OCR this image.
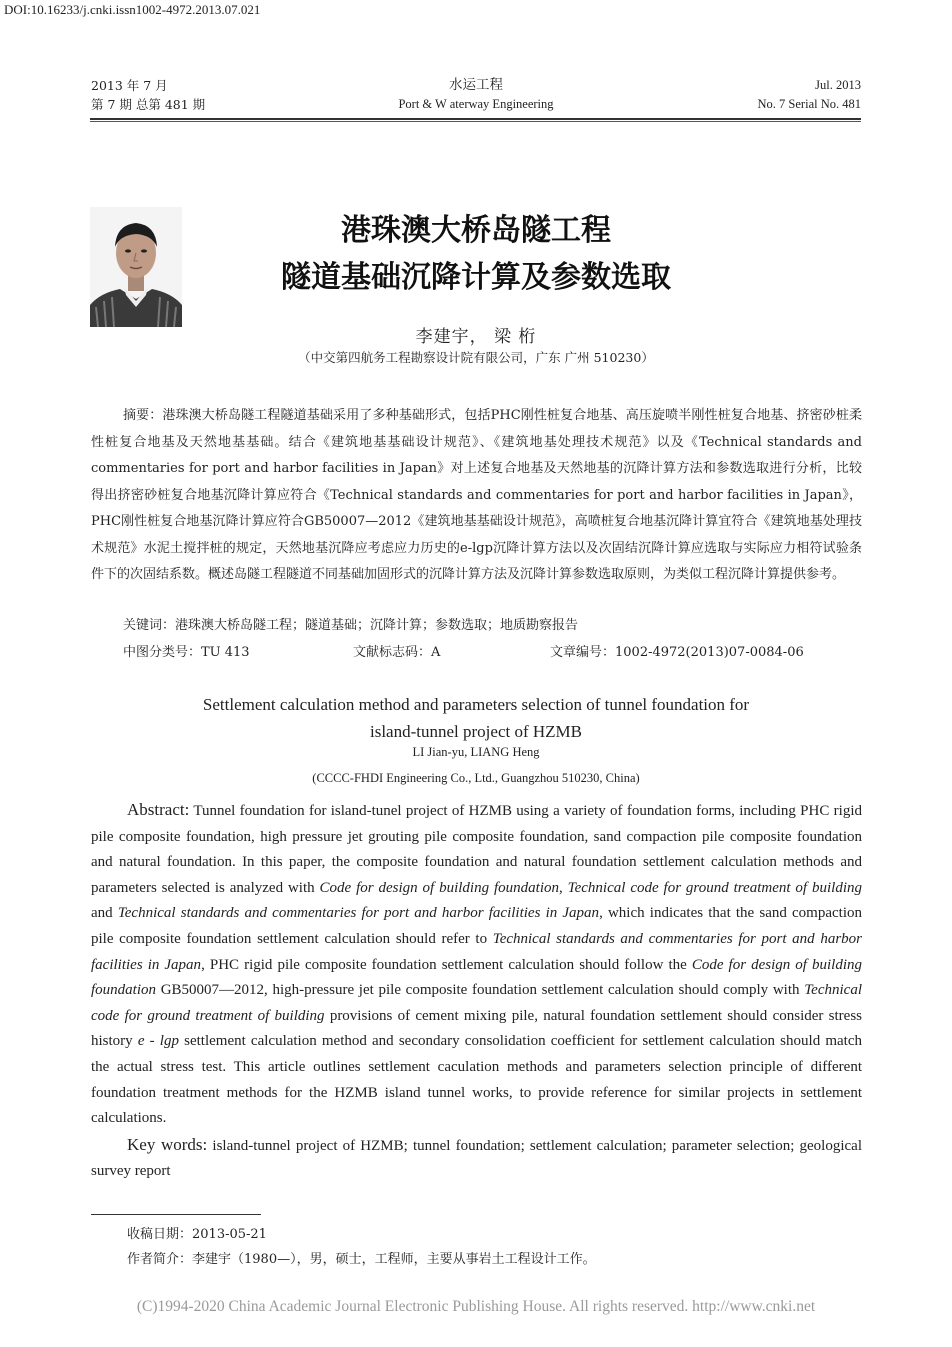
DOI:10.16233/j.cnki.issn1002-4972.2013.07.021
2013 年 7 月
第 7 期 总第 481 期
水运工程
Port & W aterway Engineering
Jul. 2013
No. 7 Serial No. 481
港珠澳大桥岛隧工程
隧道基础沉降计算及参数选取
李建宇， 梁 桁
（中交第四航务工程勘察设计院有限公司，广东 广州 510230）

摘要：港珠澳大桥岛隧工程隧道基础采用了多种基础形式，包括PHC刚性桩复合地基、高压旋喷半刚性桩复合地基、挤密砂桩柔性桩复合地基及天然地基基础。结合《建筑地基基础设计规范》、《建筑地基处理技术规范》以及《Technical standards and commentaries for port and harbor facilities in Japan》对上述复合地基及天然地基的沉降计算方法和参数选取进行分析，比较得出挤密砂桩复合地基沉降计算应符合《Technical standards and commentaries for port and harbor facilities in Japan》，PHC刚性桩复合地基沉降计算应符合GB50007—2012《建筑地基基础设计规范》，高喷桩复合地基沉降计算宜符合《建筑地基处理技术规范》水泥土搅拌桩的规定，天然地基沉降应考虑应力历史的e-lgp沉降计算方法以及次固结沉降计算应选取与实际应力相符试验条件下的次固结系数。概述岛隧工程隧道不同基础加固形式的沉降计算方法及沉降计算参数选取原则，为类似工程沉降计算提供参考。

关键词：港珠澳大桥岛隧工程；隧道基础；沉降计算；参数选取；地质勘察报告
中图分类号：TU 413	文献标志码：A	文章编号：1002-4972(2013)07-0084-06
Settlement calculation method and parameters selection of tunnel foundation for
island-tunnel project of HZMB
LI Jian-yu, LIANG Heng
(CCCC-FHDI Engineering Co., Ltd., Guangzhou 510230, China)

Abstract: Tunnel foundation for island-tunel project of HZMB using a variety of foundation forms, including PHC rigid pile composite foundation, high pressure jet grouting pile composite foundation, sand compaction pile composite foundation and natural foundation. In this paper, the composite foundation and natural foundation settlement calculation methods and parameters selected is analyzed with Code for design of building foundation, Technical code for ground treatment of building and Technical standards and commentaries for port and harbor facilities in Japan, which indicates that the sand compaction pile composite foundation settlement calculation should refer to Technical standards and commentaries for port and harbor facilities in Japan, PHC rigid pile composite foundation settlement calculation should follow the Code for design of building foundation GB50007—2012, high-pressure jet pile composite foundation settlement calculation should comply with Technical code for ground treatment of building provisions of cement mixing pile, natural foundation settlement should consider stress history e - lgp settlement calculation method and secondary consolidation coefficient for settlement calculation should match the actual stress test. This article outlines settlement caculation methods and parameters selection principle of different foundation treatment methods for the HZMB island tunnel works, to provide reference for similar projects in settlement calculations.

Key words: island-tunnel project of HZMB; tunnel foundation; settlement calculation; parameter selection; geological survey report

收稿日期：2013-05-21
作者简介：李建宇（1980—），男，硕士，工程师，主要从事岩土工程设计工作。
(C)1994-2020 China Academic Journal Electronic Publishing House. All rights reserved. http://www.cnki.net
